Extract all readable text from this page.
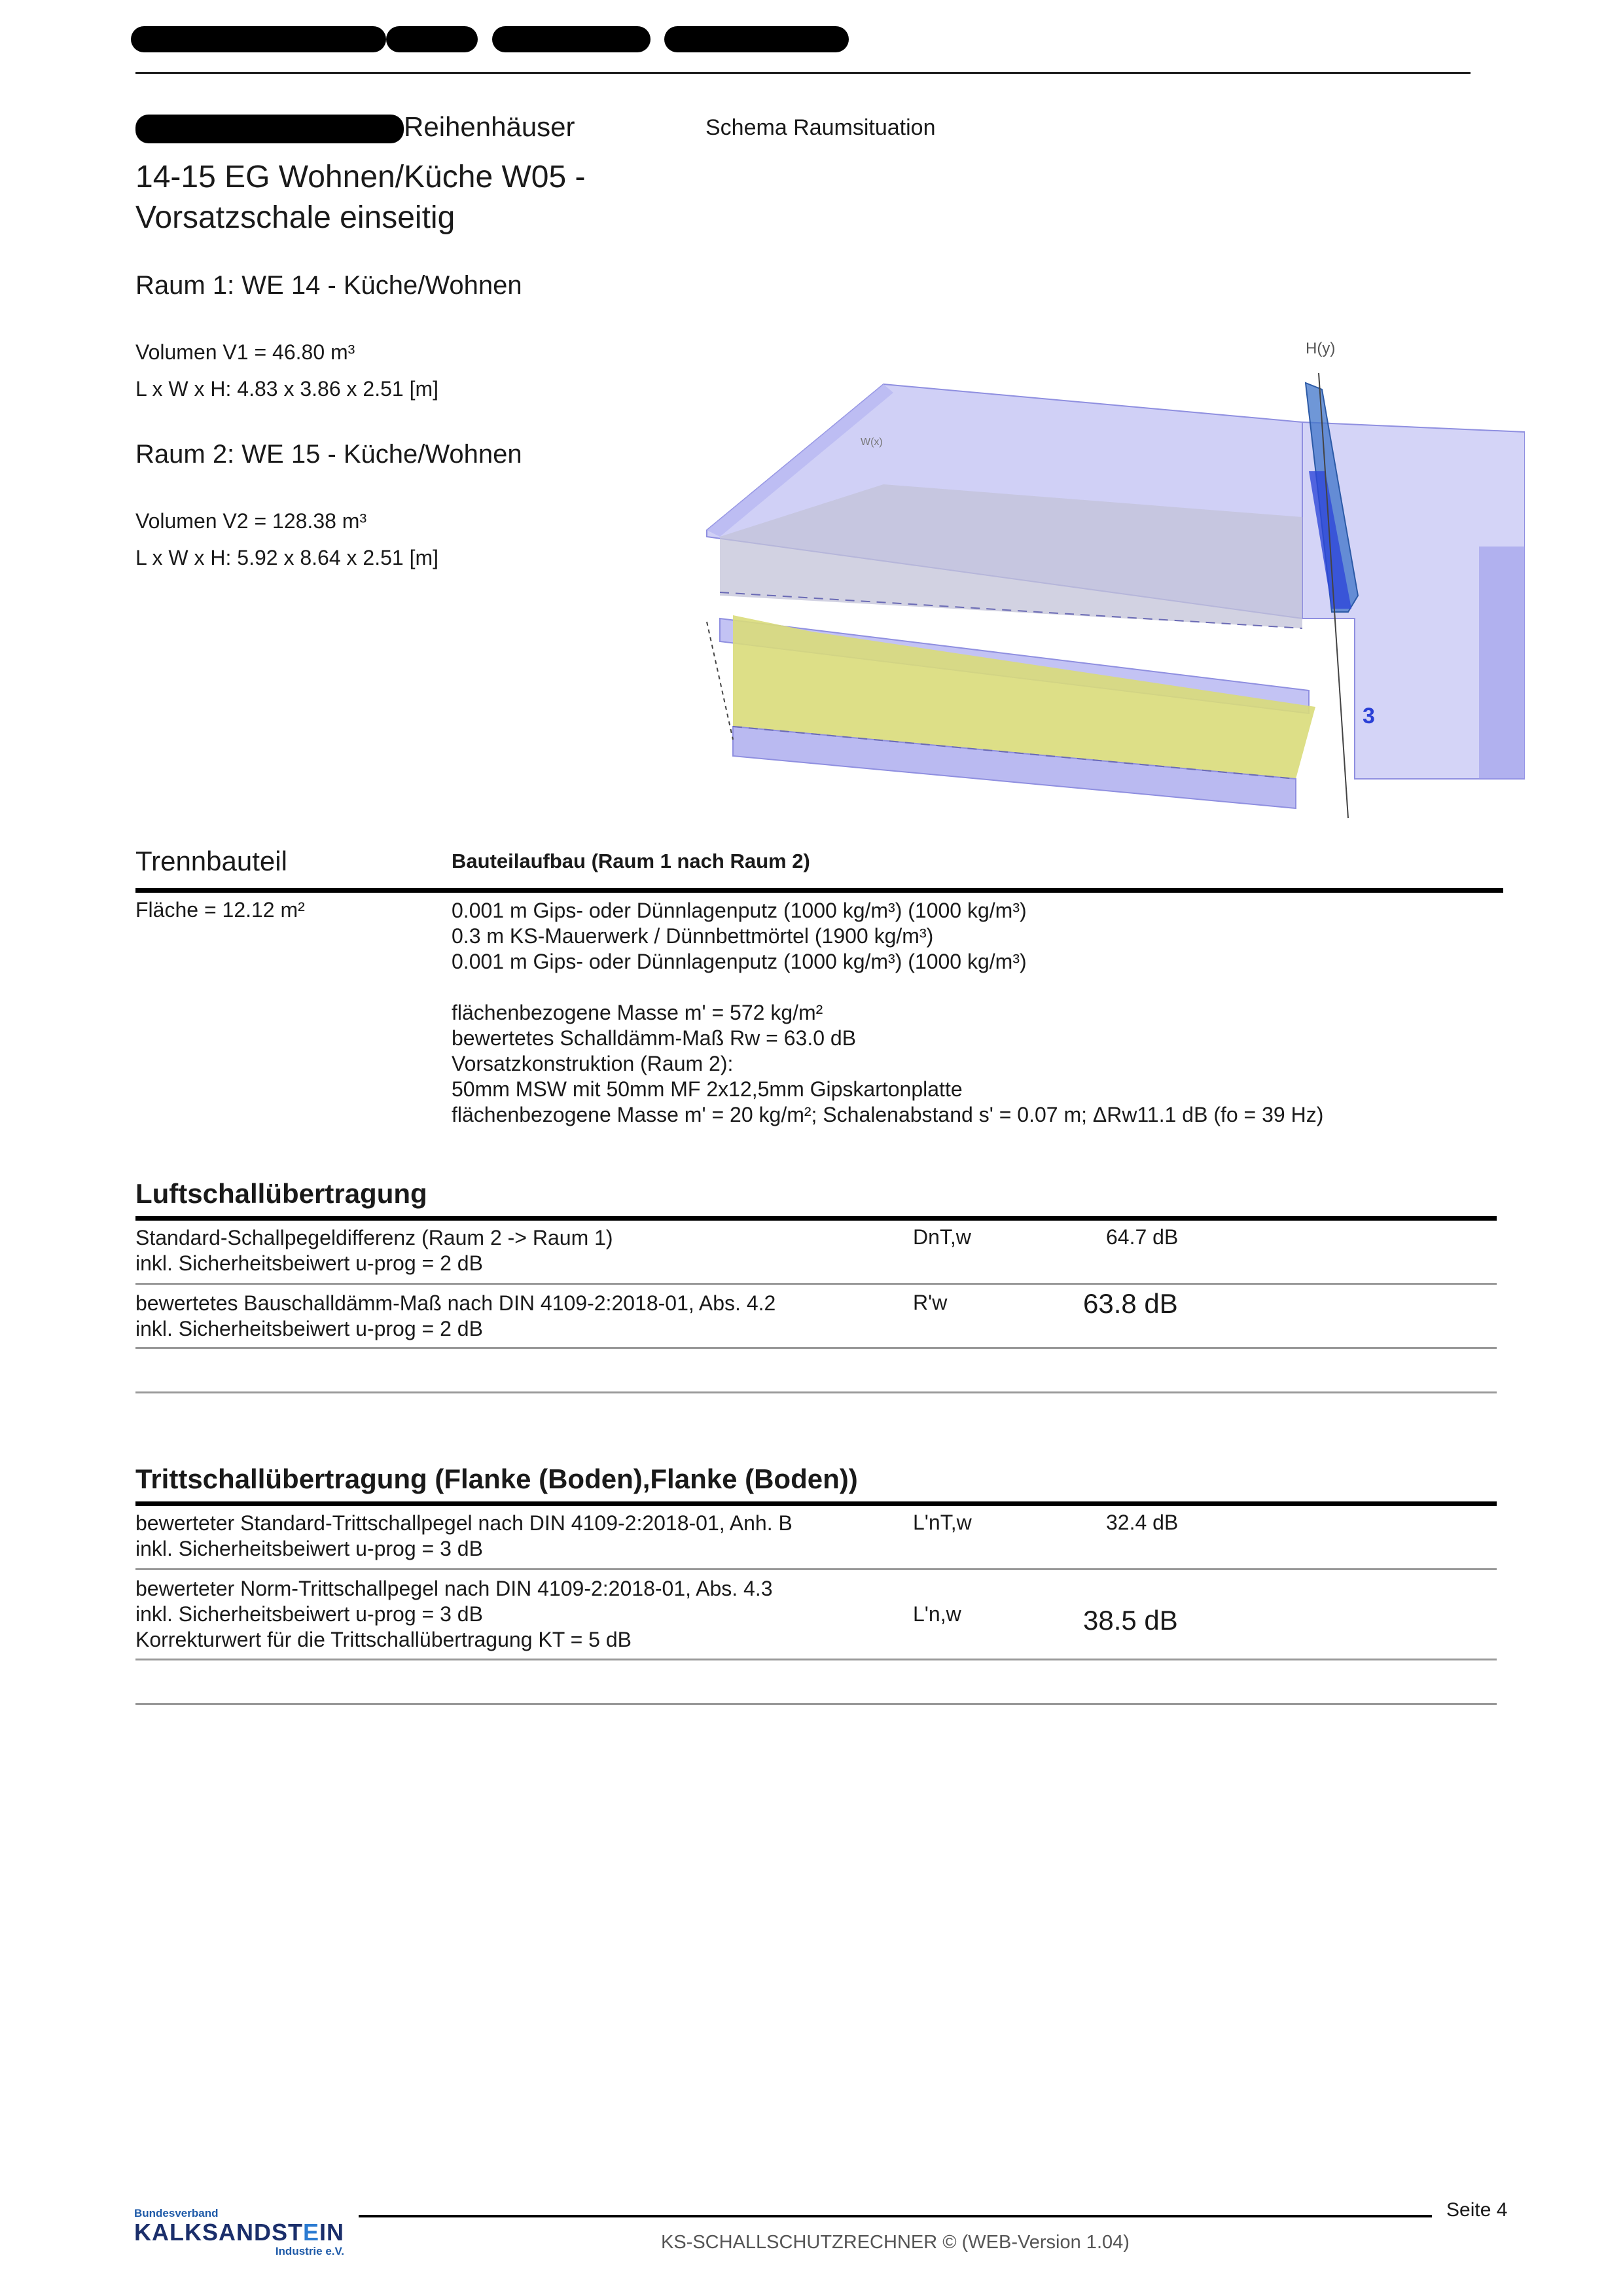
Reihenhäuser
14-15 EG Wohnen/Küche W05 -
Vorsatzschale einseitig
Schema Raumsituation
Raum 1: WE 14 - Küche/Wohnen
Volumen V1 = 46.80 m³
L x W x H: 4.83 x 3.86 x 2.51 [m]
Raum 2: WE 15 - Küche/Wohnen
Volumen V2 = 128.38 m³
L x W x H: 5.92 x 8.64 x 2.51 [m]
H(y)
W(x)
3
Trennbauteil	Bauteilaufbau (Raum 1 nach Raum 2)
Fläche = 12.12 m²	0.001 m Gips- oder Dünnlagenputz (1000 kg/m³) (1000 kg/m³)
0.3 m KS-Mauerwerk / Dünnbettmörtel (1900 kg/m³)
0.001 m Gips- oder Dünnlagenputz (1000 kg/m³) (1000 kg/m³)
flächenbezogene Masse m' = 572 kg/m²
bewertetes Schalldämm-Maß Rw = 63.0 dB
Vorsatzkonstruktion (Raum 2):
50mm MSW mit 50mm MF 2x12,5mm Gipskartonplatte
flächenbezogene Masse m' = 20 kg/m²; Schalenabstand s' = 0.07 m; ΔRw11.1 dB (fo = 39 Hz)
Luftschallübertragung
Standard-Schallpegeldifferenz (Raum 2 -> Raum 1)
inkl. Sicherheitsbeiwert u-prog = 2 dB
DnT,w	64.7 dB
bewertetes Bauschalldämm-Maß nach DIN 4109-2:2018-01, Abs. 4.2
inkl. Sicherheitsbeiwert u-prog = 2 dB
R'w	63.8 dB
Trittschallübertragung (Flanke (Boden),Flanke (Boden))
bewerteter Standard-Trittschallpegel nach DIN 4109-2:2018-01, Anh. B
inkl. Sicherheitsbeiwert u-prog = 3 dB
L'nT,w	32.4 dB
bewerteter Norm-Trittschallpegel nach DIN 4109-2:2018-01, Abs. 4.3
inkl. Sicherheitsbeiwert u-prog = 3 dB
Korrekturwert für die Trittschallübertragung KT = 5 dB
L'n,w	38.5 dB
Bundesverband
KALKSANDSTEIN
Industrie e.V.
Seite 4
KS-SCHALLSCHUTZRECHNER © (WEB-Version 1.04)
